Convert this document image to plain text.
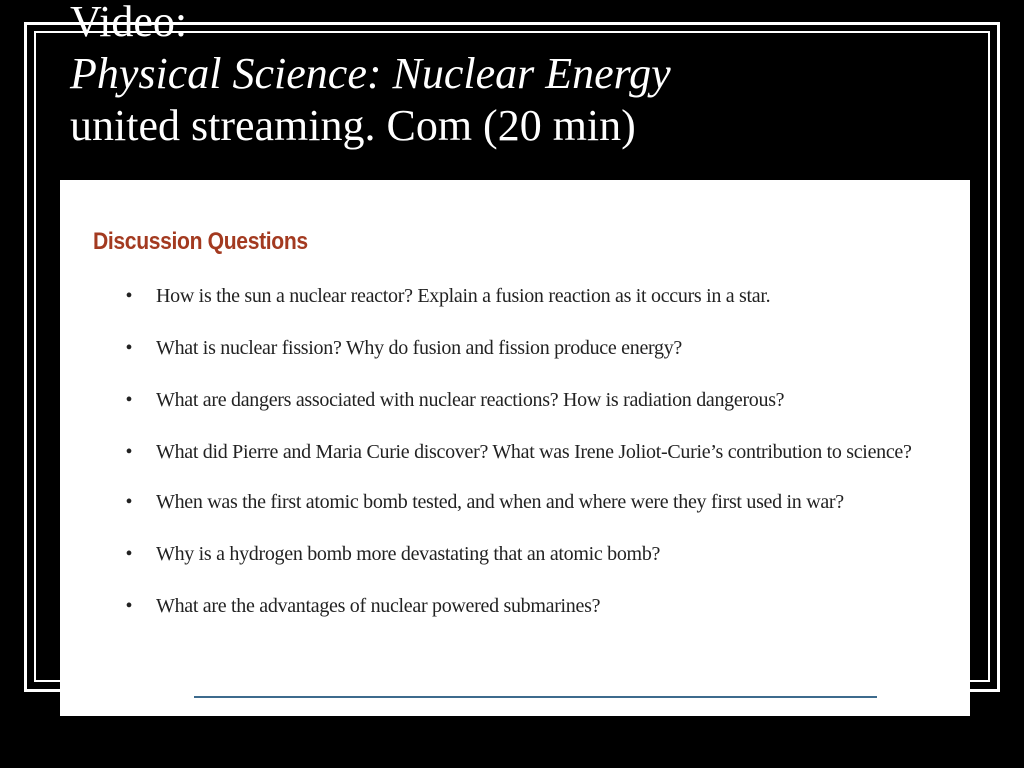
Video:
Physical Science: Nuclear Energy
united streaming. Com (20 min)
Discussion Questions
• How is the sun a nuclear reactor? Explain a fusion reaction as it occurs in a star.
• What is nuclear fission? Why do fusion and fission produce energy?
• What are dangers associated with nuclear reactions? How is radiation dangerous?
• What did Pierre and Maria Curie discover? What was Irene Joliot-Curie’s contribution to science?
• When was the first atomic bomb tested, and when and where were they first used in war?
• Why is a hydrogen bomb more devastating that an atomic bomb?
• What are the advantages of nuclear powered submarines?
